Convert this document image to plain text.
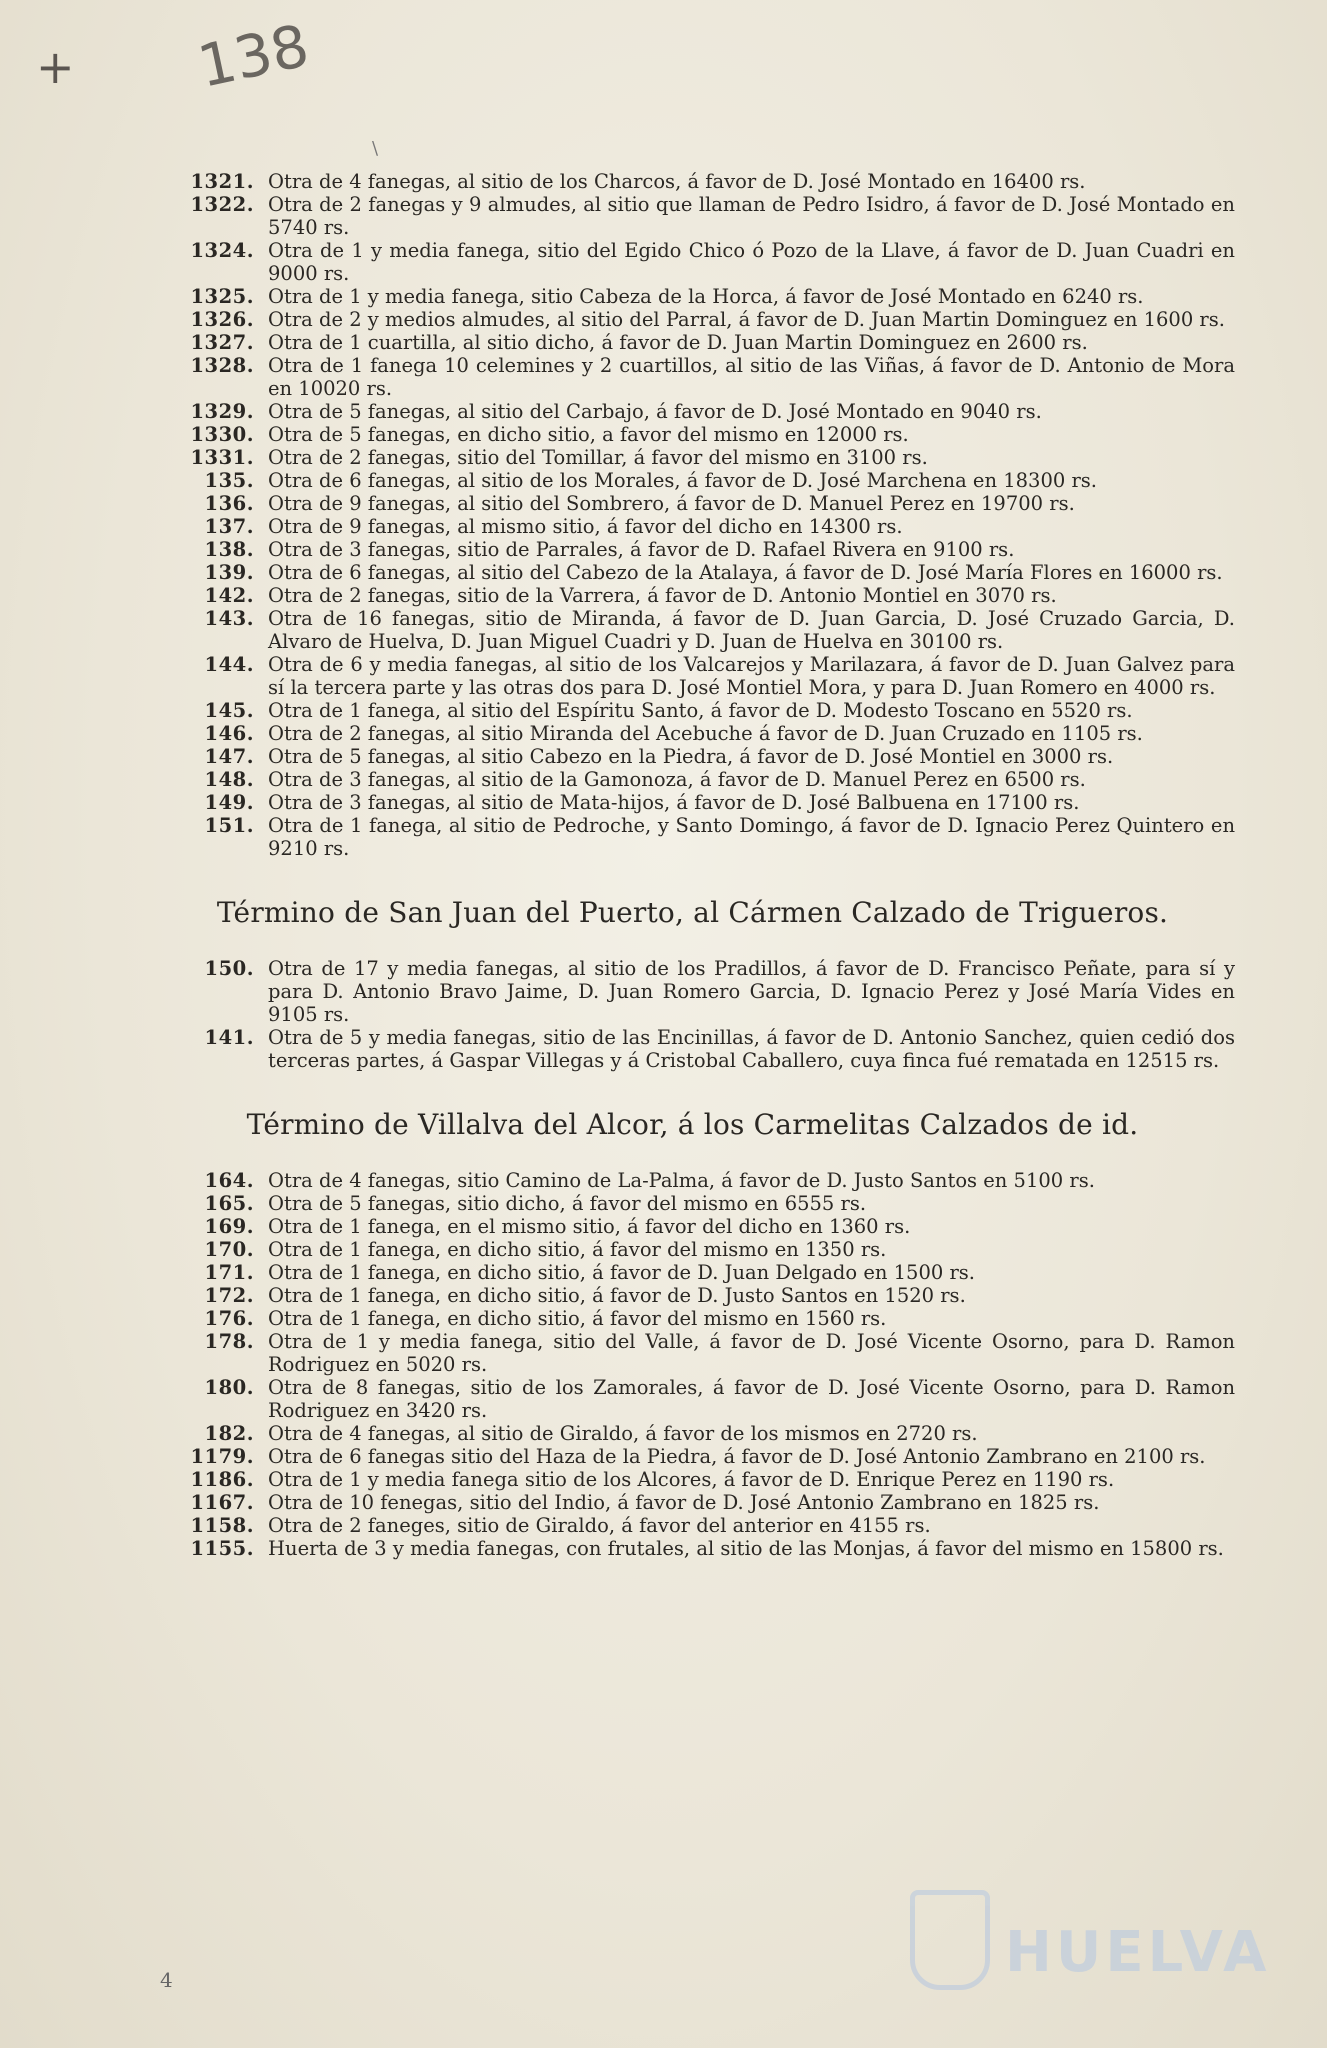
+ 138
\
1321. Otra de 4 fanegas, al sitio de los Charcos, á favor de D. José Montado en 16400 rs.
1322. Otra de 2 fanegas y 9 almudes, al sitio que llaman de Pedro Isidro, á favor de D. José Montado en 5740 rs.
1324. Otra de 1 y media fanega, sitio del Egido Chico ó Pozo de la Llave, á favor de D. Juan Cuadri en 9000 rs.
1325. Otra de 1 y media fanega, sitio Cabeza de la Horca, á favor de José Montado en 6240 rs.
1326. Otra de 2 y medios almudes, al sitio del Parral, á favor de D. Juan Martin Dominguez en 1600 rs.
1327. Otra de 1 cuartilla, al sitio dicho, á favor de D. Juan Martin Dominguez en 2600 rs.
1328. Otra de 1 fanega 10 celemines y 2 cuartillos, al sitio de las Viñas, á favor de D. Antonio de Mora en 10020 rs.
1329. Otra de 5 fanegas, al sitio del Carbajo, á favor de D. José Montado en 9040 rs.
1330. Otra de 5 fanegas, en dicho sitio, a favor del mismo en 12000 rs.
1331. Otra de 2 fanegas, sitio del Tomillar, á favor del mismo en 3100 rs.
135. Otra de 6 fanegas, al sitio de los Morales, á favor de D. José Marchena en 18300 rs.
136. Otra de 9 fanegas, al sitio del Sombrero, á favor de D. Manuel Perez en 19700 rs.
137. Otra de 9 fanegas, al mismo sitio, á favor del dicho en 14300 rs.
138. Otra de 3 fanegas, sitio de Parrales, á favor de D. Rafael Rivera en 9100 rs.
139. Otra de 6 fanegas, al sitio del Cabezo de la Atalaya, á favor de D. José María Flores en 16000 rs.
142. Otra de 2 fanegas, sitio de la Varrera, á favor de D. Antonio Montiel en 3070 rs.
143. Otra de 16 fanegas, sitio de Miranda, á favor de D. Juan Garcia, D. José Cruzado Garcia, D. Alvaro de Huelva, D. Juan Miguel Cuadri y D. Juan de Huelva en 30100 rs.
144. Otra de 6 y media fanegas, al sitio de los Valcarejos y Marilazara, á favor de D. Juan Galvez para sí la tercera parte y las otras dos para D. José Montiel Mora, y para D. Juan Romero en 4000 rs.
145. Otra de 1 fanega, al sitio del Espíritu Santo, á favor de D. Modesto Toscano en 5520 rs.
146. Otra de 2 fanegas, al sitio Miranda del Acebuche á favor de D. Juan Cruzado en 1105 rs.
147. Otra de 5 fanegas, al sitio Cabezo en la Piedra, á favor de D. José Montiel en 3000 rs.
148. Otra de 3 fanegas, al sitio de la Gamonoza, á favor de D. Manuel Perez en 6500 rs.
149. Otra de 3 fanegas, al sitio de Mata-hijos, á favor de D. José Balbuena en 17100 rs.
151. Otra de 1 fanega, al sitio de Pedroche, y Santo Domingo, á favor de D. Ignacio Perez Quintero en 9210 rs.
Término de San Juan del Puerto, al Cármen Calzado de Trigueros.
150. Otra de 17 y media fanegas, al sitio de los Pradillos, á favor de D. Francisco Peñate, para sí y para D. Antonio Bravo Jaime, D. Juan Romero Garcia, D. Ignacio Perez y José María Vides en 9105 rs.
141. Otra de 5 y media fanegas, sitio de las Encinillas, á favor de D. Antonio Sanchez, quien cedió dos terceras partes, á Gaspar Villegas y á Cristobal Caballero, cuya finca fué rematada en 12515 rs.
Término de Villalva del Alcor, á los Carmelitas Calzados de id.
164. Otra de 4 fanegas, sitio Camino de La-Palma, á favor de D. Justo Santos en 5100 rs.
165. Otra de 5 fanegas, sitio dicho, á favor del mismo en 6555 rs.
169. Otra de 1 fanega, en el mismo sitio, á favor del dicho en 1360 rs.
170. Otra de 1 fanega, en dicho sitio, á favor del mismo en 1350 rs.
171. Otra de 1 fanega, en dicho sitio, á favor de D. Juan Delgado en 1500 rs.
172. Otra de 1 fanega, en dicho sitio, á favor de D. Justo Santos en 1520 rs.
176. Otra de 1 fanega, en dicho sitio, á favor del mismo en 1560 rs.
178. Otra de 1 y media fanega, sitio del Valle, á favor de D. José Vicente Osorno, para D. Ramon Rodriguez en 5020 rs.
180. Otra de 8 fanegas, sitio de los Zamorales, á favor de D. José Vicente Osorno, para D. Ramon Rodriguez en 3420 rs.
182. Otra de 4 fanegas, al sitio de Giraldo, á favor de los mismos en 2720 rs.
1179. Otra de 6 fanegas sitio del Haza de la Piedra, á favor de D. José Antonio Zambrano en 2100 rs.
1186. Otra de 1 y media fanega sitio de los Alcores, á favor de D. Enrique Perez en 1190 rs.
1167. Otra de 10 fenegas, sitio del Indio, á favor de D. José Antonio Zambrano en 1825 rs.
1158. Otra de 2 faneges, sitio de Giraldo, á favor del anterior en 4155 rs.
1155. Huerta de 3 y media fanegas, con frutales, al sitio de las Monjas, á favor del mismo en 15800 rs.
4	HUELVA
